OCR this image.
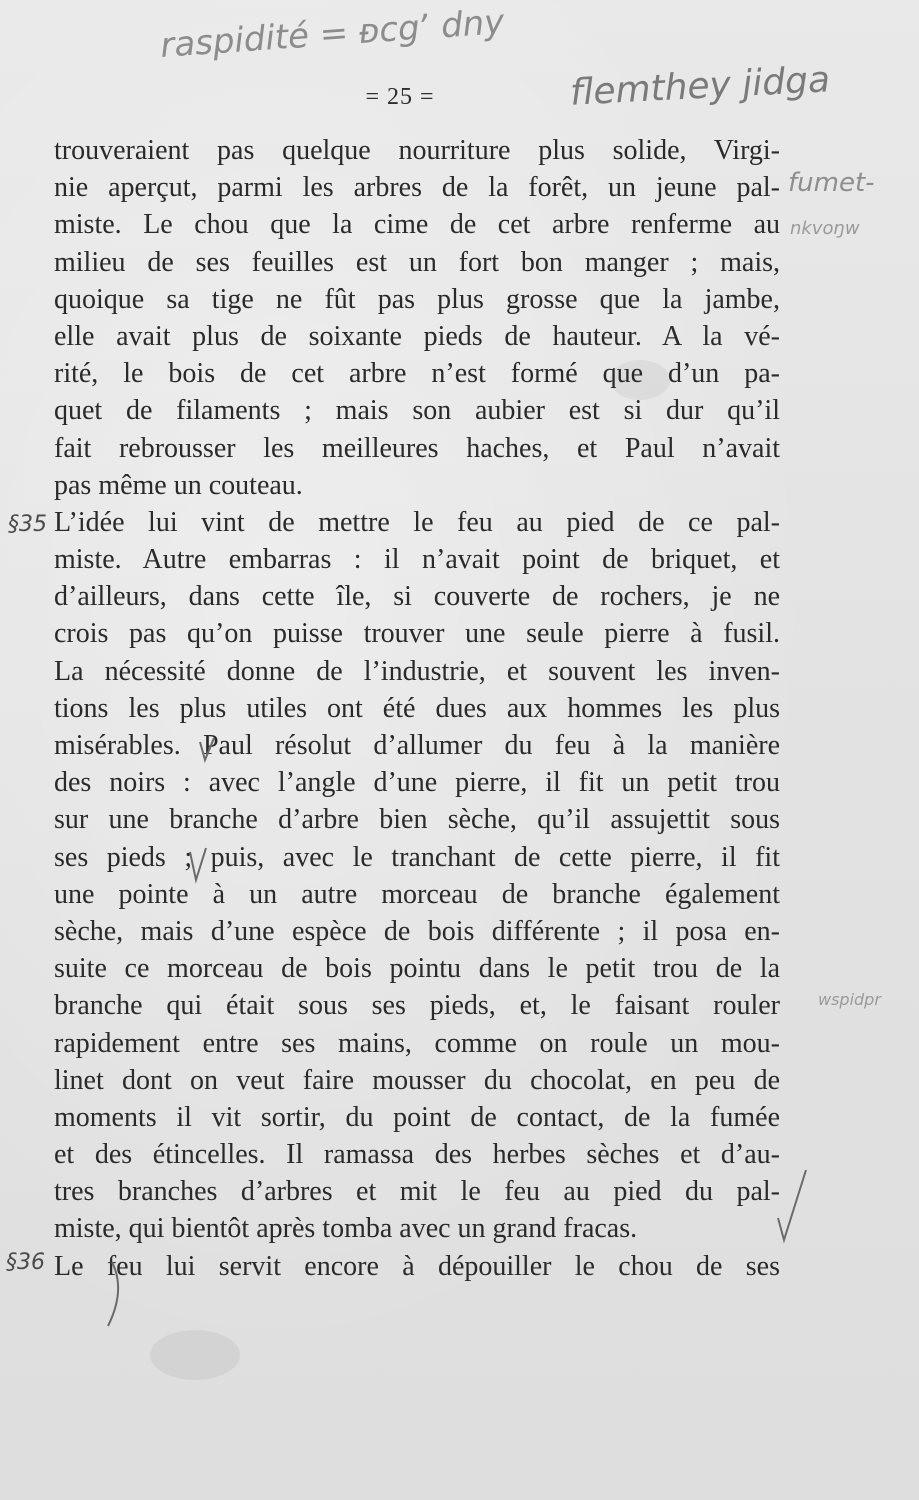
raspidité = ᴆcgʼ dny
flemthey jidga
fumet-
nkvoŋw
wspidpr
= 25 =
§35
§36
trouveraient pas quelque nourriture plus solide, Virgi-
nie aperçut, parmi les arbres de la forêt, un jeune pal-
miste. Le chou que la cime de cet arbre renferme au
milieu de ses feuilles est un fort bon manger ; mais,
quoique sa tige ne fût pas plus grosse que la jambe,
elle avait plus de soixante pieds de hauteur. A la vé-
rité, le bois de cet arbre n’est formé que d’un pa-
quet de filaments ; mais son aubier est si dur qu’il
fait rebrousser les meilleures haches, et Paul n’avait
pas même un couteau.
L’idée lui vint de mettre le feu au pied de ce pal-
miste. Autre embarras : il n’avait point de briquet, et
d’ailleurs, dans cette île, si couverte de rochers, je ne
crois pas qu’on puisse trouver une seule pierre à fusil.
La nécessité donne de l’industrie, et souvent les inven-
tions les plus utiles ont été dues aux hommes les plus
misérables. Paul résolut d’allumer du feu à la manière
des noirs : avec l’angle d’une pierre, il fit un petit trou
sur une branche d’arbre bien sèche, qu’il assujettit sous
ses pieds ; puis, avec le tranchant de cette pierre, il fit
une pointe à un autre morceau de branche également
sèche, mais d’une espèce de bois différente ; il posa en-
suite ce morceau de bois pointu dans le petit trou de la
branche qui était sous ses pieds, et, le faisant rouler
rapidement entre ses mains, comme on roule un mou-
linet dont on veut faire mousser du chocolat, en peu de
moments il vit sortir, du point de contact, de la fumée
et des étincelles. Il ramassa des herbes sèches et d’au-
tres branches d’arbres et mit le feu au pied du pal-
miste, qui bientôt après tomba avec un grand fracas.
Le feu lui servit encore à dépouiller le chou de ses
